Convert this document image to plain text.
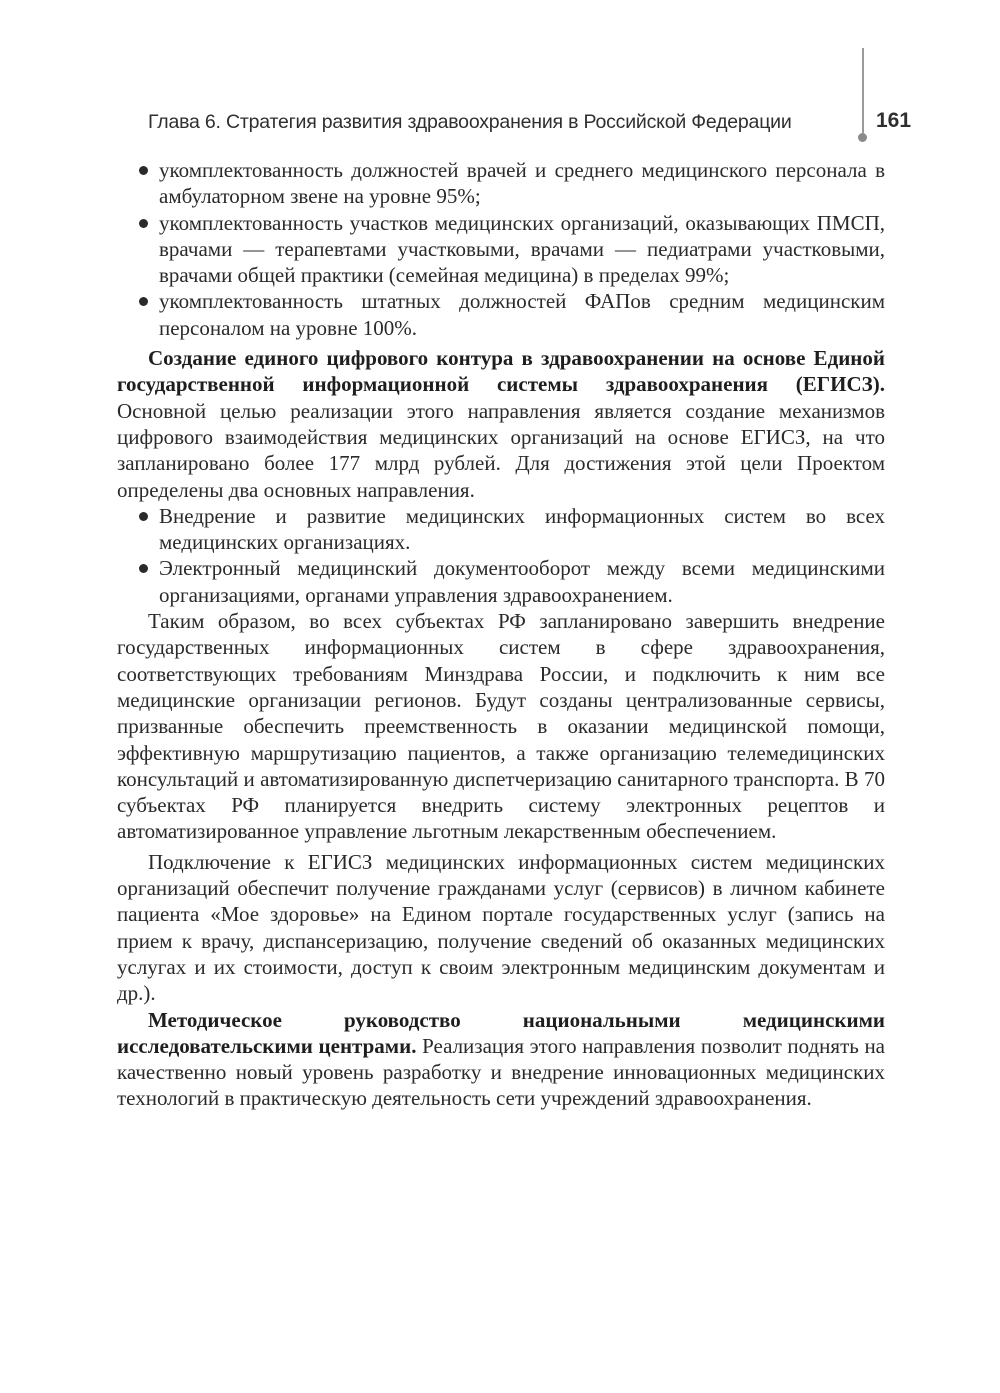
Глава 6. Стратегия развития здравоохранения в Российской Федерации	161
укомплектованность должностей врачей и среднего медицинского персонала в амбулаторном звене на уровне 95%;
укомплектованность участков медицинских организаций, оказывающих ПМСП, врачами — терапевтами участковыми, врачами — педиатрами участковыми, врачами общей практики (семейная медицина) в пределах 99%;
укомплектованность штатных должностей ФАПов средним медицинским персоналом на уровне 100%.

Создание единого цифрового контура в здравоохранении на основе Единой государственной информационной системы здравоохранения (ЕГИСЗ). Основной целью реализации этого направления является создание механизмов цифрового взаимодействия медицинских организаций на основе ЕГИСЗ, на что запланировано более 177 млрд рублей. Для достижения этой цели Проектом определены два основных направления.

Внедрение и развитие медицинских информационных систем во всех медицинских организациях.
Электронный медицинский документооборот между всеми медицинскими организациями, органами управления здравоохранением.

Таким образом, во всех субъектах РФ запланировано завершить внедрение государственных информационных систем в сфере здравоохранения, соответствующих требованиям Минздрава России, и подключить к ним все медицинские организации регионов. Будут созданы централизованные сервисы, призванные обеспечить преемственность в оказании медицинской помощи, эффективную маршрутизацию пациентов, а также организацию телемедицинских консультаций и автоматизированную диспетчеризацию санитарного транспорта. В 70 субъектах РФ планируется внедрить систему электронных рецептов и автоматизированное управление льготным лекарственным обеспечением.

Подключение к ЕГИСЗ медицинских информационных систем медицинских организаций обеспечит получение гражданами услуг (сервисов) в личном кабинете пациента «Мое здоровье» на Едином портале государственных услуг (запись на прием к врачу, диспансеризацию, получение сведений об оказанных медицинских услугах и их стоимости, доступ к своим электронным медицинским документам и др.).

Методическое руководство национальными медицинскими исследовательскими центрами. Реализация этого направления позволит поднять на качественно новый уровень разработку и внедрение инновационных медицинских технологий в практическую деятельность сети учреждений здравоохранения.
